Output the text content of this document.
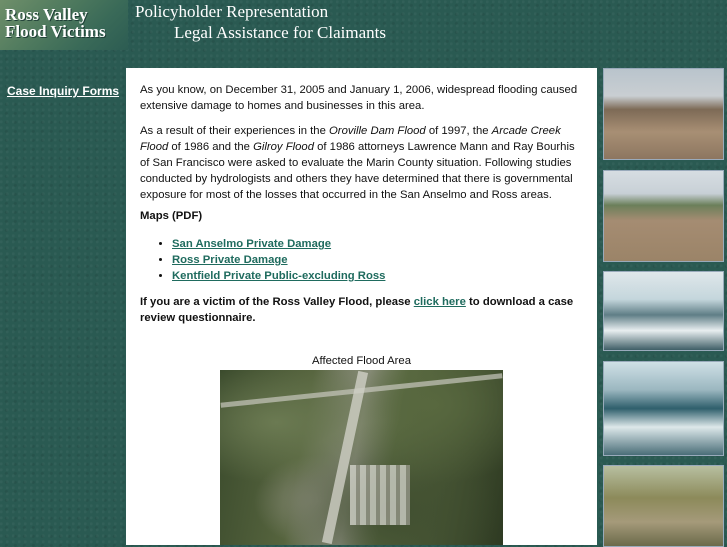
Ross Valley
Flood Victims
Policyholder Representation
Legal Assistance for Claimants
Case Inquiry Forms As you know, on December 31, 2005 and January 1, 2006, widespread flooding caused extensive damage to homes and businesses in this area.

As a result of their experiences in the Oroville Dam Flood of 1997, the Arcade Creek Flood of 1986 and the Gilroy Flood of 1986 attorneys Lawrence Mann and Ray Bourhis of San Francisco were asked to evaluate the Marin County situation. Following studies conducted by hydrologists and others they have determined that there is governmental exposure for most of the losses that occurred in the San Anselmo and Ross areas.

Maps (PDF)
• San Anselmo Private Damage
• Ross Private Damage
• Kentfield Private Public-excluding Ross
If you are a victim of the Ross Valley Flood, please click here to download a case review questionnaire.
Affected Flood Area
